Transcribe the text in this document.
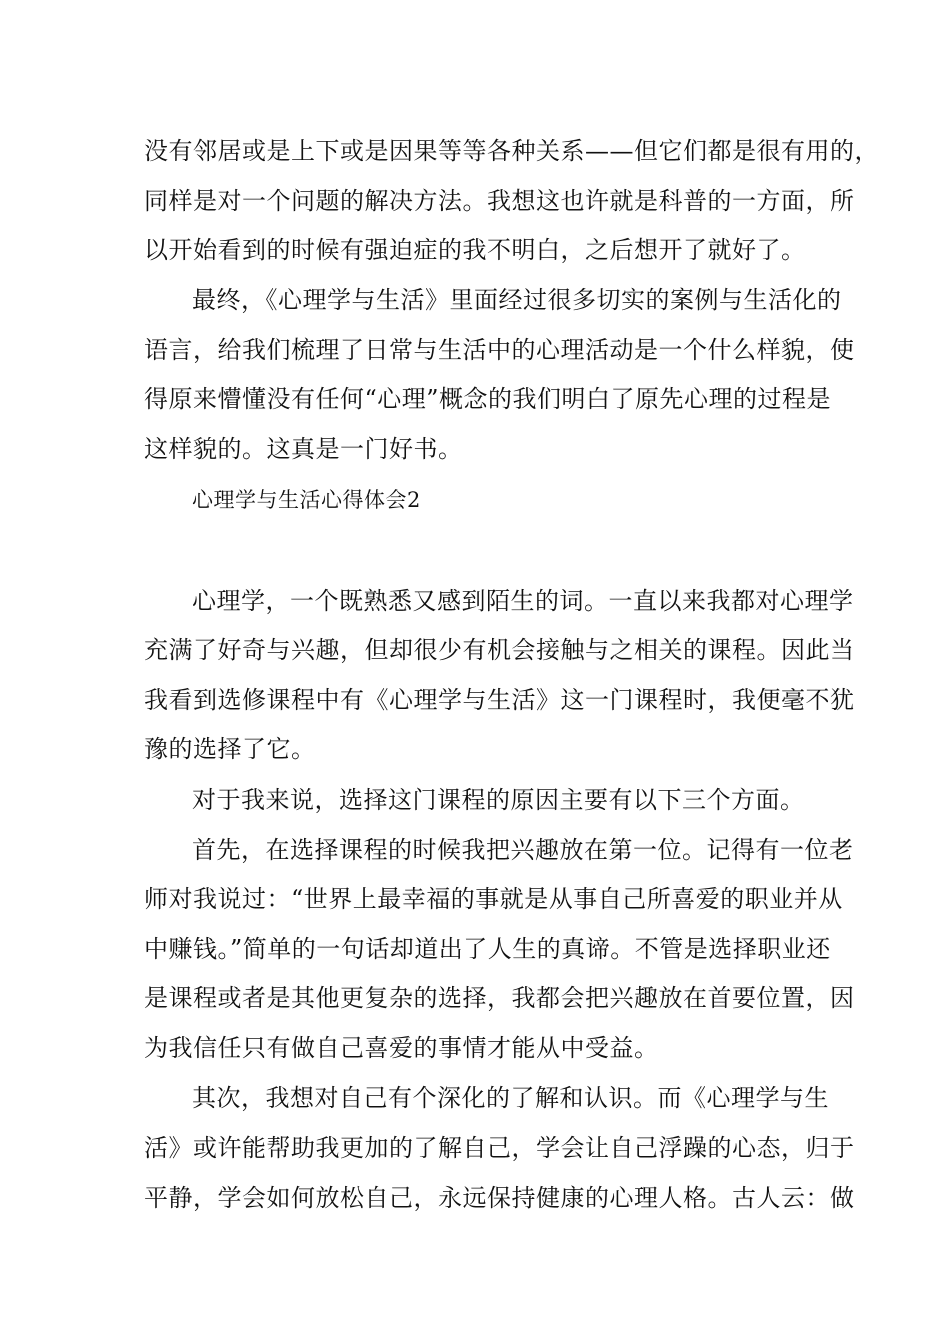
没有邻居或是上下或是因果等等各种关系——但它们都是很有用的，
同样是对一个问题的解决方法。我想这也许就是科普的一方面，所
以开始看到的时候有强迫症的我不明白，之后想开了就好了。
最终，《心理学与生活》里面经过很多切实的案例与生活化的
语言，给我们梳理了日常与生活中的心理活动是一个什么样貌，使
得原来懵懂没有任何“心理”概念的我们明白了原先心理的过程是
这样貌的。这真是一门好书。
心理学与生活心得体会2
心理学，一个既熟悉又感到陌生的词。一直以来我都对心理学
充满了好奇与兴趣，但却很少有机会接触与之相关的课程。因此当
我看到选修课程中有《心理学与生活》这一门课程时，我便毫不犹
豫的选择了它。
对于我来说，选择这门课程的原因主要有以下三个方面。
首先，在选择课程的时候我把兴趣放在第一位。记得有一位老
师对我说过：“世界上最幸福的事就是从事自己所喜爱的职业并从
中赚钱。”简单的一句话却道出了人生的真谛。不管是选择职业还
是课程或者是其他更复杂的选择，我都会把兴趣放在首要位置，因
为我信任只有做自己喜爱的事情才能从中受益。
其次，我想对自己有个深化的了解和认识。而《心理学与生
活》或许能帮助我更加的了解自己，学会让自己浮躁的心态，归于
平静，学会如何放松自己，永远保持健康的心理人格。古人云：做
